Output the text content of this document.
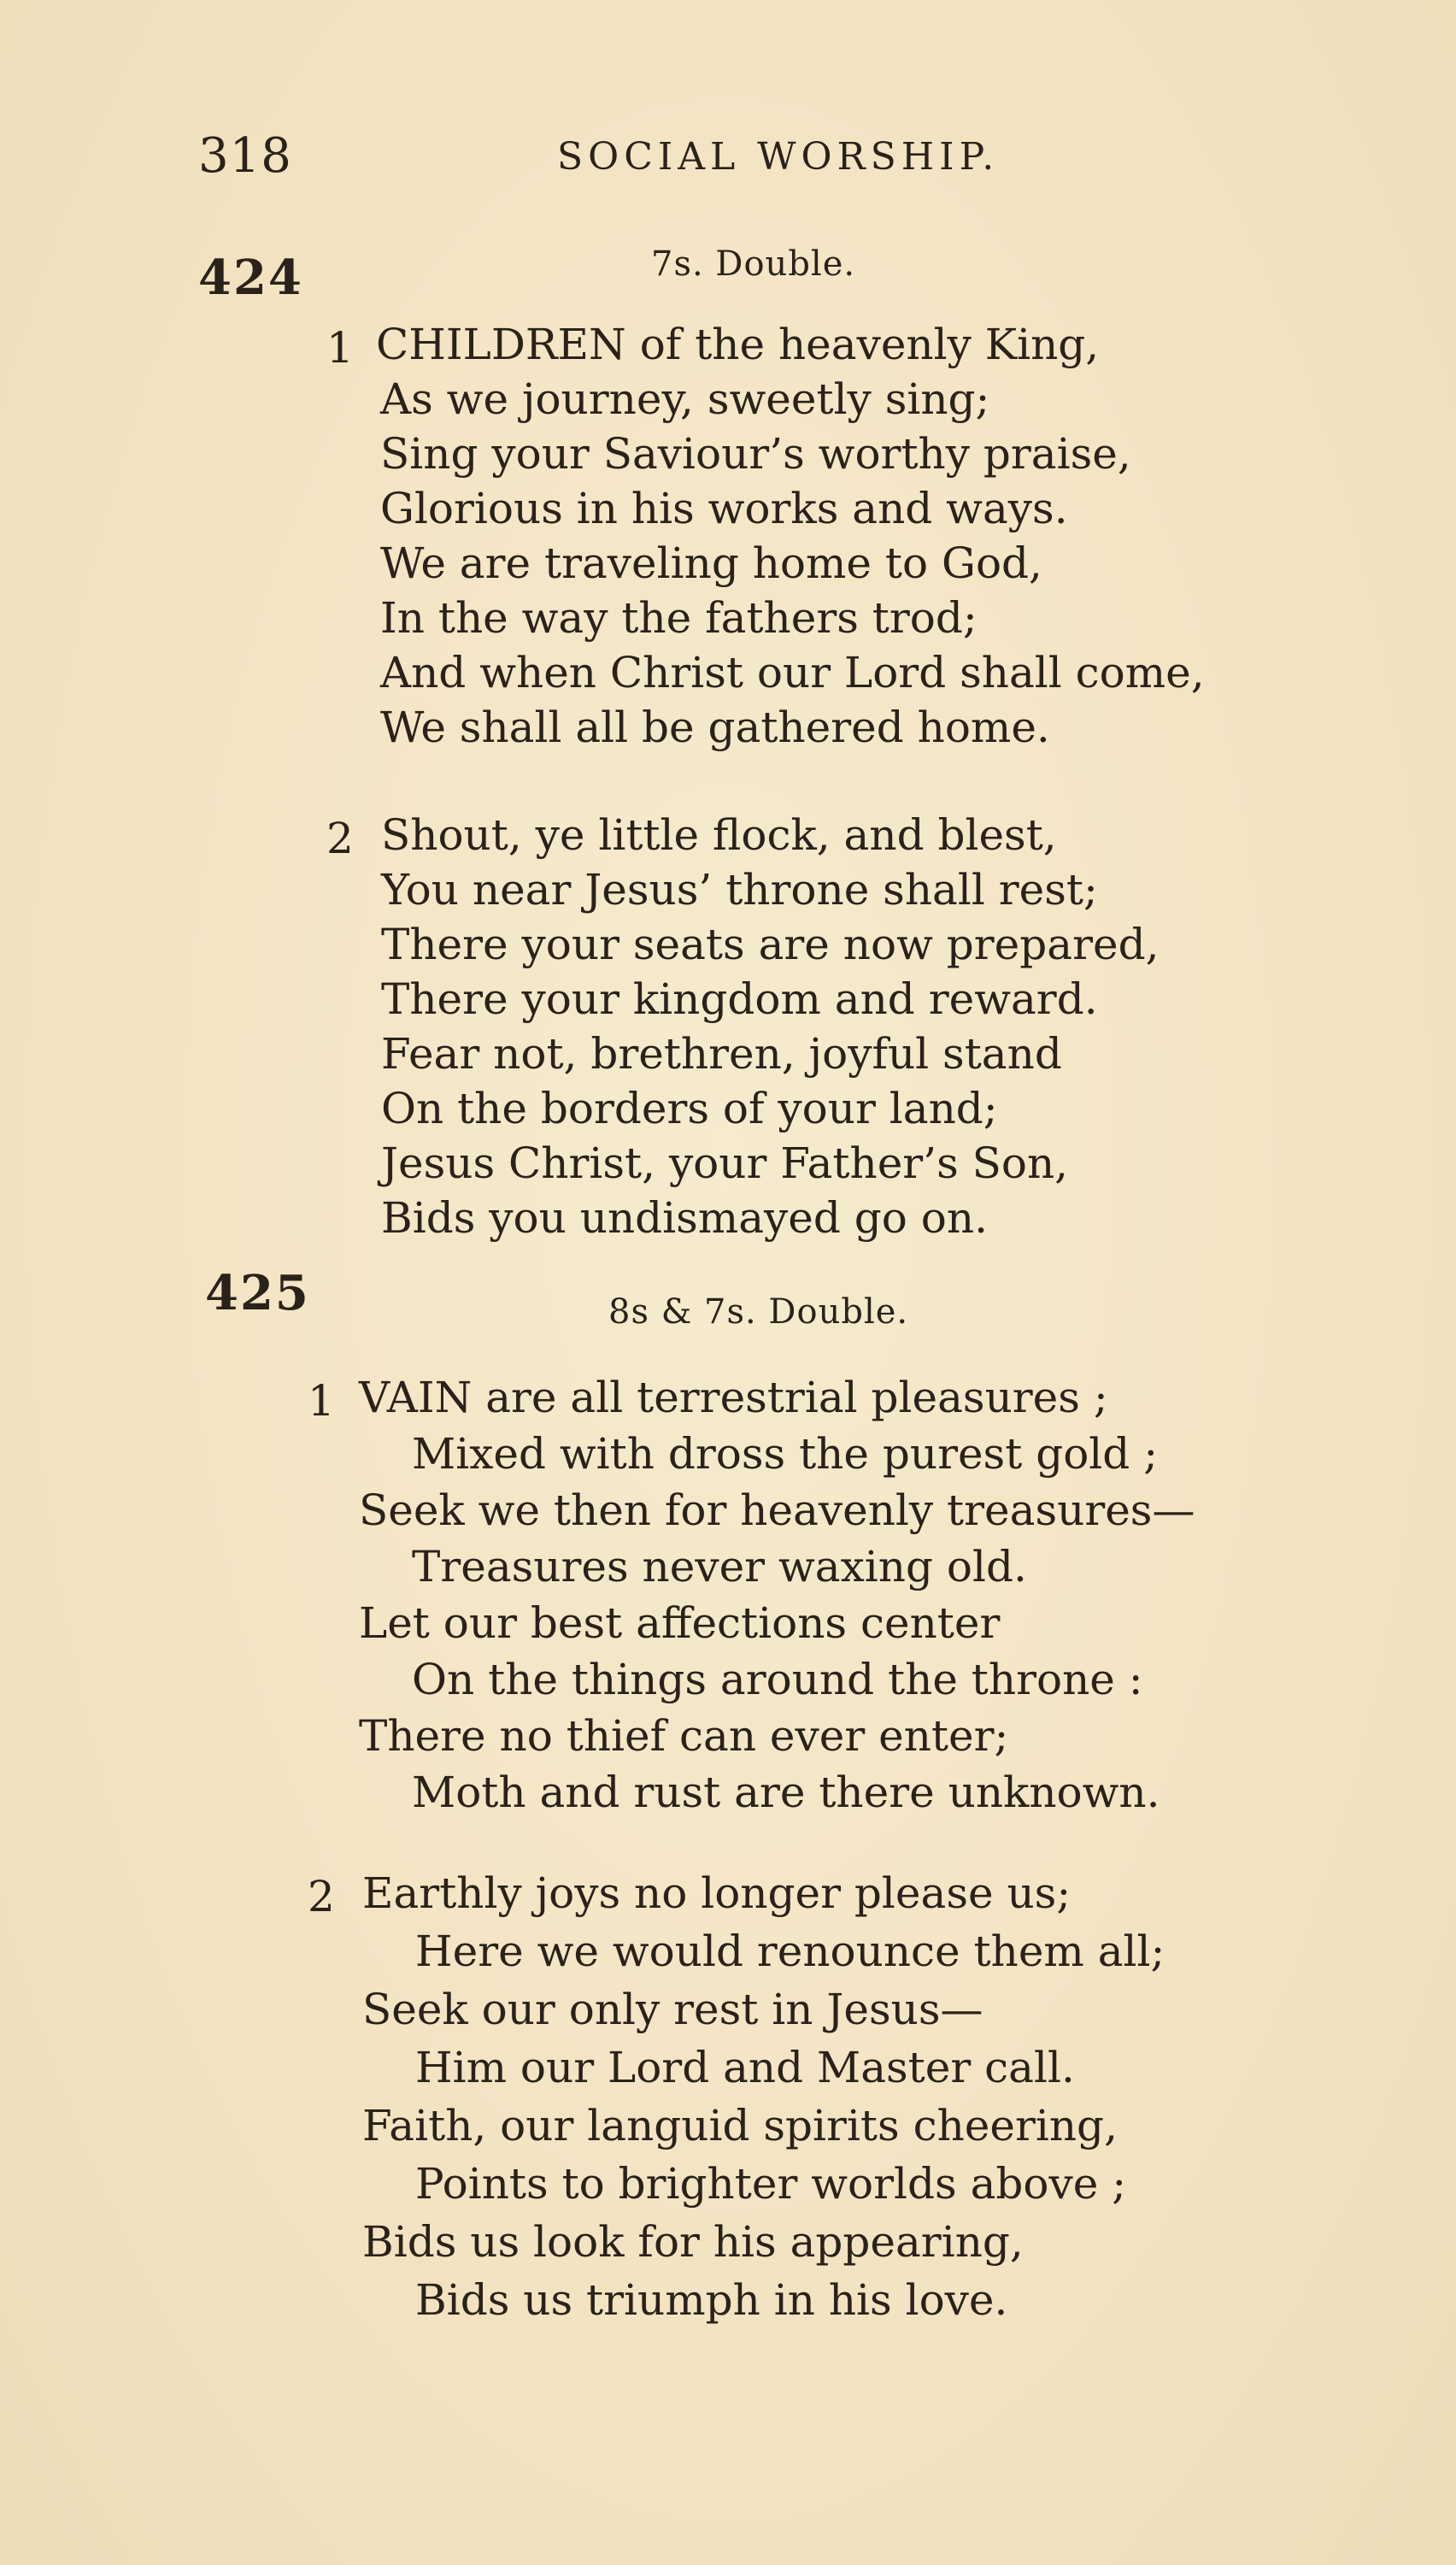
318	SOCIAL WORSHIP.
424	7s. Double.
1 CHILDREN of the heavenly King,
As we journey, sweetly sing;
Sing your Saviour’s worthy praise,
Glorious in his works and ways.
We are traveling home to God,
In the way the fathers trod;
And when Christ our Lord shall come,
We shall all be gathered home.
2 Shout, ye little flock, and blest,
You near Jesus’ throne shall rest;
There your seats are now prepared,
There your kingdom and reward.
Fear not, brethren, joyful stand
On the borders of your land;
Jesus Christ, your Father’s Son,
Bids you undismayed go on.
425	8s & 7s. Double.
1 VAIN are all terrestrial pleasures ;
Mixed with dross the purest gold ;
Seek we then for heavenly treasures—
Treasures never waxing old.
Let our best affections center
On the things around the throne :
There no thief can ever enter;
Moth and rust are there unknown.
2 Earthly joys no longer please us;
Here we would renounce them all;
Seek our only rest in Jesus—
Him our Lord and Master call.
Faith, our languid spirits cheering,
Points to brighter worlds above ;
Bids us look for his appearing,
Bids us triumph in his love.
